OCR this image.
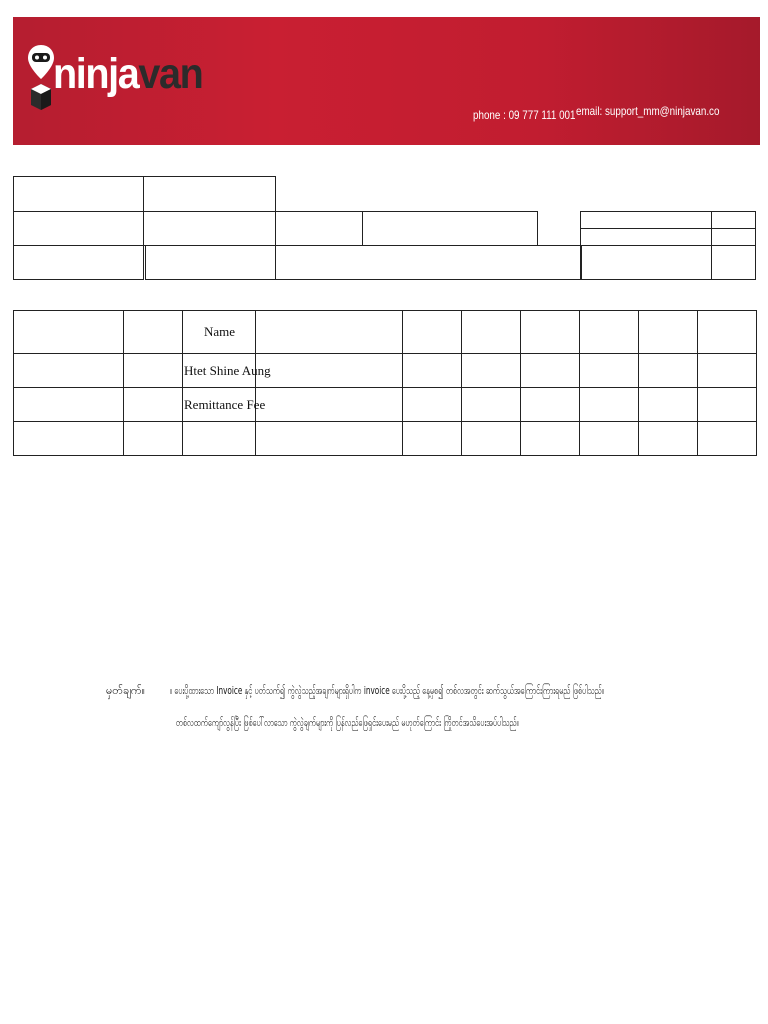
ninjavan
phone : 09 777 111 001 email: support_mm@ninjavan.co
		Name							
		Htet Shine Aung							
		Remittance Fee							

မှတ်ချက်။ ။ ပေးပို့ထားသော Invoice နှင့် ပတ်သက်၍ ကွဲလွဲသည့်အချက်များရှိပါက invoice ပေးပို့သည့် နေ့မှစ၍ တစ်လအတွင်း ဆက်သွယ်အကြောင်းကြားရမည် ဖြစ်ပါသည်။
တစ်လထက်ကျော်လွန်ပြီး ဖြစ်ပေါ်လာသော ကွဲလွဲချက်များကို ပြန်လည်ဖြေရှင်းပေးမည် မဟုတ်ကြောင်း ကြိုတင်အသိပေးအပ်ပါသည်။
